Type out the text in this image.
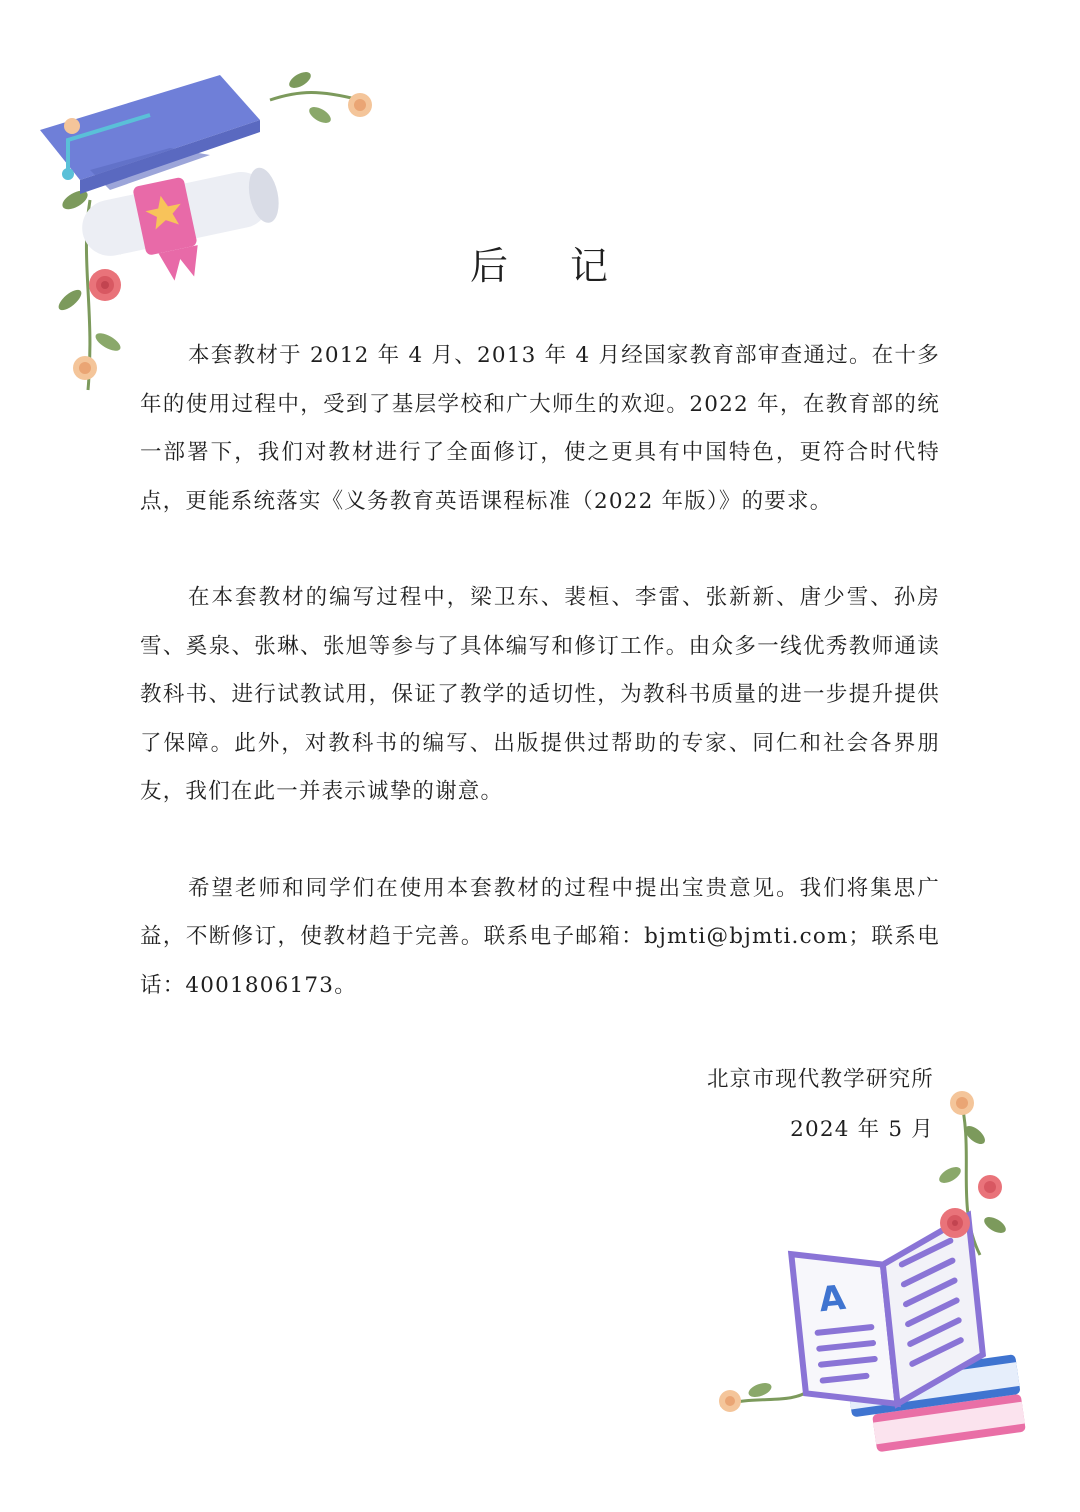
后 记

本套教材于 2012 年 4 月、2013 年 4 月经国家教育部审查通过。在十多年的使用过程中，受到了基层学校和广大师生的欢迎。2022 年，在教育部的统一部署下，我们对教材进行了全面修订，使之更具有中国特色，更符合时代特点，更能系统落实《义务教育英语课程标准（2022 年版）》的要求。

在本套教材的编写过程中，梁卫东、裴桓、李雷、张新新、唐少雪、孙房雪、奚泉、张琳、张旭等参与了具体编写和修订工作。由众多一线优秀教师通读教科书、进行试教试用，保证了教学的适切性，为教科书质量的进一步提升提供了保障。此外，对教科书的编写、出版提供过帮助的专家、同仁和社会各界朋友，我们在此一并表示诚挚的谢意。

希望老师和同学们在使用本套教材的过程中提出宝贵意见。我们将集思广益，不断修订，使教材趋于完善。联系电子邮箱：bjmti@bjmti.com；联系电话：4001806173。

北京市现代教学研究所
2024 年 5 月
A
